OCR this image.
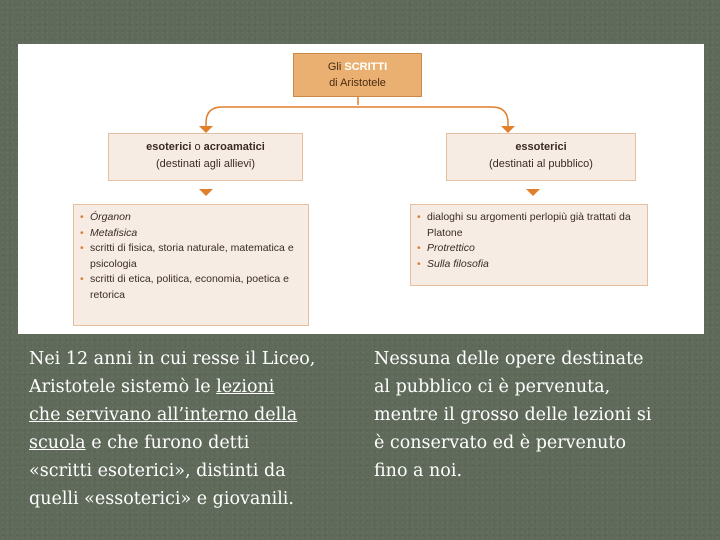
Gli SCRITTI
di Aristotele
esoterici o acroamatici
(destinati agli allievi)
essoterici
(destinati al pubblico)
• Órganon
• Metafisica
• scritti di fisica, storia naturale, matematica e psicologia
• scritti di etica, politica, economia, poetica e retorica
• dialoghi su argomenti perlopiù già trattati da Platone
• Protrettico
• Sulla filosofia
Nei 12 anni in cui resse il Liceo,
Aristotele sistemò le lezioni
che servivano all’interno della
scuola e che furono detti
«scritti esoterici», distinti da
quelli «essoterici» e giovanili.
Nessuna delle opere destinate
al pubblico ci è pervenuta,
mentre il grosso delle lezioni si
è conservato ed è pervenuto
fino a noi.
